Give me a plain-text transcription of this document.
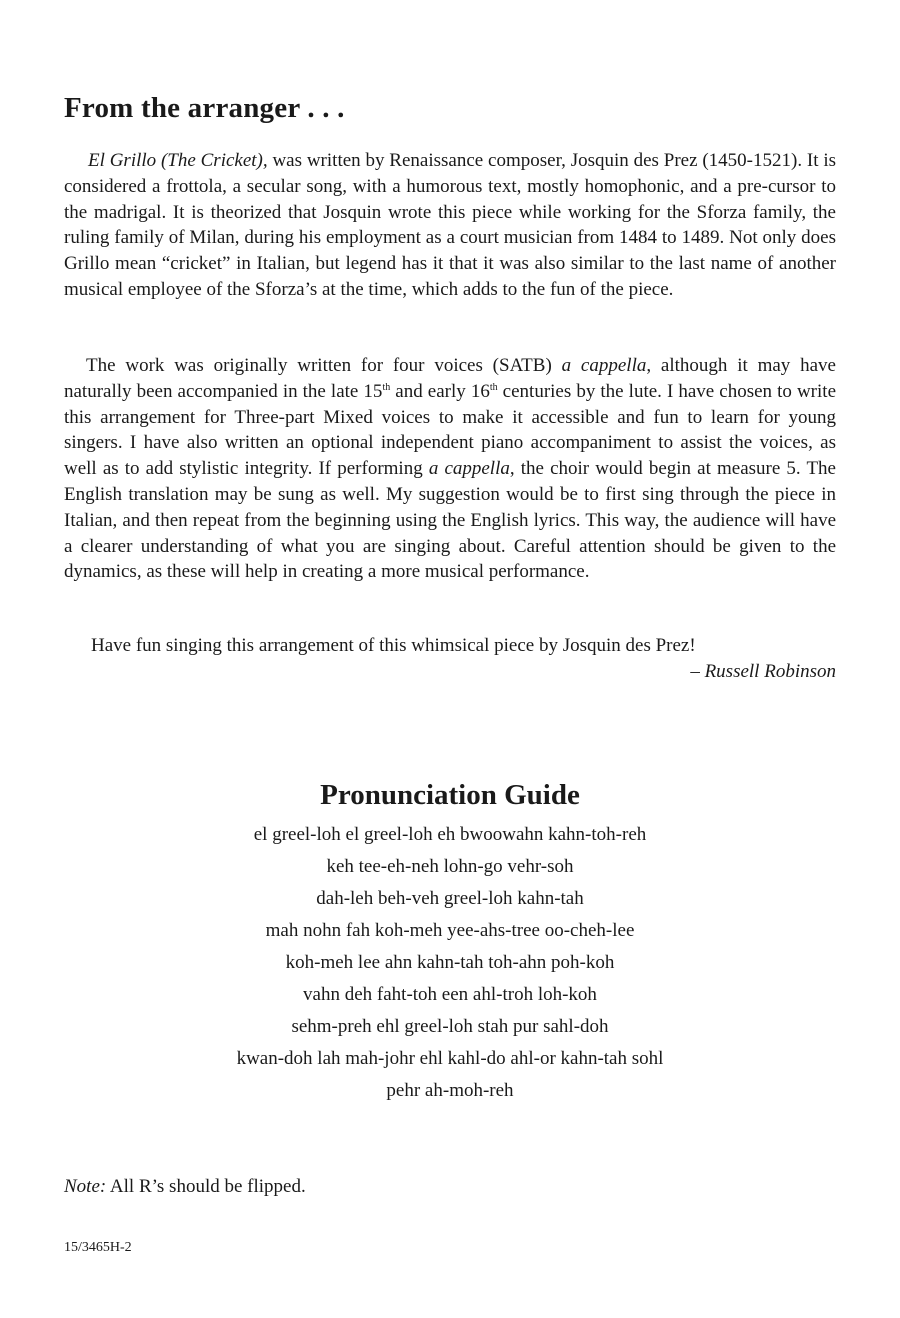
From the arranger . . .

El Grillo (The Cricket), was written by Renaissance composer, Josquin des Prez (1450-1521). It is considered a frottola, a secular song, with a humorous text, mostly homophonic, and a pre-cursor to the madrigal. It is theorized that Josquin wrote this piece while working for the Sforza family, the ruling family of Milan, during his employment as a court musician from 1484 to 1489. Not only does Grillo mean “cricket” in Italian, but legend has it that it was also similar to the last name of another musical employee of the Sforza’s at the time, which adds to the fun of the piece.

The work was originally written for four voices (SATB) a cappella, although it may have naturally been accompanied in the late 15th and early 16th centuries by the lute. I have chosen to write this arrangement for Three-part Mixed voices to make it accessible and fun to learn for young singers. I have also written an optional independent piano accompaniment to assist the voices, as well as to add stylistic integrity. If performing a cappella, the choir would begin at measure 5. The English translation may be sung as well. My suggestion would be to first sing through the piece in Italian, and then repeat from the beginning using the English lyrics. This way, the audience will have a clearer understanding of what you are singing about. Careful attention should be given to the dynamics, as these will help in creating a more musical performance.

Have fun singing this arrangement of this whimsical piece by Josquin des Prez!

– Russell Robinson

Pronunciation Guide
el greel-loh el greel-loh eh bwoowahn kahn-toh-reh
keh tee-eh-neh lohn-go vehr-soh
dah-leh beh-veh greel-loh kahn-tah
mah nohn fah koh-meh yee-ahs-tree oo-cheh-lee
koh-meh lee ahn kahn-tah toh-ahn poh-koh
vahn deh faht-toh een ahl-troh loh-koh
sehm-preh ehl greel-loh stah pur sahl-doh
kwan-doh lah mah-johr ehl kahl-do ahl-or kahn-tah sohl
pehr ah-moh-reh

Note: All R’s should be flipped.

15/3465H-2
